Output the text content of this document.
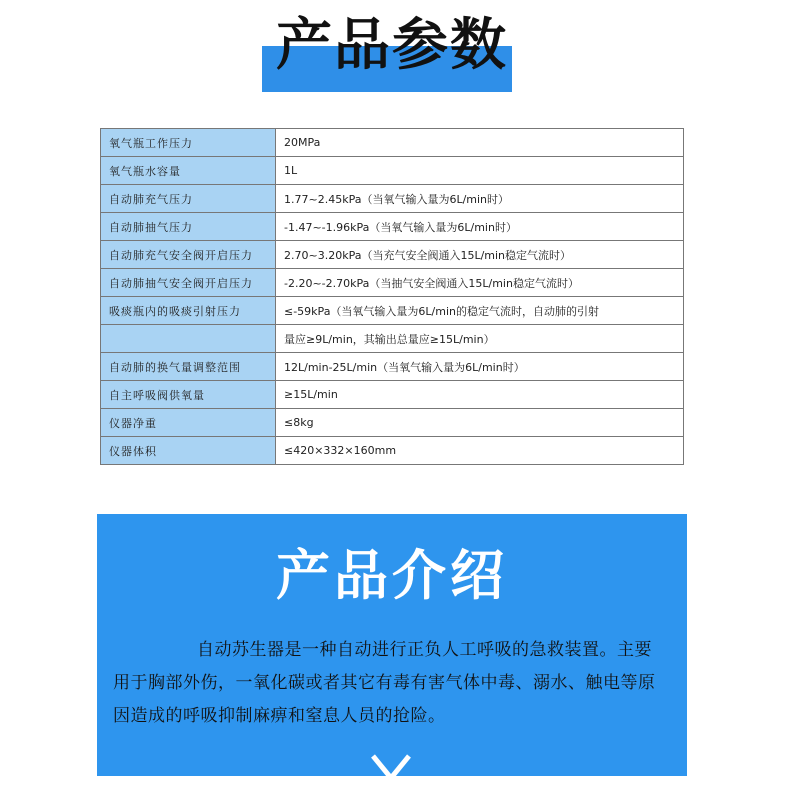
产品参数
氧气瓶工作压力	20MPa
氧气瓶水容量	1L
自动肺充气压力	1.77~2.45kPa（当氧气输入量为6L/min时）
自动肺抽气压力	-1.47~-1.96kPa（当氧气输入量为6L/min时）
自动肺充气安全阀开启压力	2.70~3.20kPa（当充气安全阀通入15L/min稳定气流时）
自动肺抽气安全阀开启压力	-2.20~-2.70kPa（当抽气安全阀通入15L/min稳定气流时）
吸痰瓶内的吸痰引射压力	≤-59kPa（当氧气输入量为6L/min的稳定气流时，自动肺的引射
	量应≥9L/min，其输出总量应≥15L/min）
自动肺的换气量调整范围	12L/min-25L/min（当氧气输入量为6L/min时）
自主呼吸阀供氧量	≥15L/min
仪器净重	≤8kg
仪器体积	≤420×332×160mm
产品介绍
自动苏生器是一种自动进行正负人工呼吸的急救装置。主要用于胸部外伤，一氧化碳或者其它有毒有害气体中毒、溺水、触电等原因造成的呼吸抑制麻痹和窒息人员的抢险。
